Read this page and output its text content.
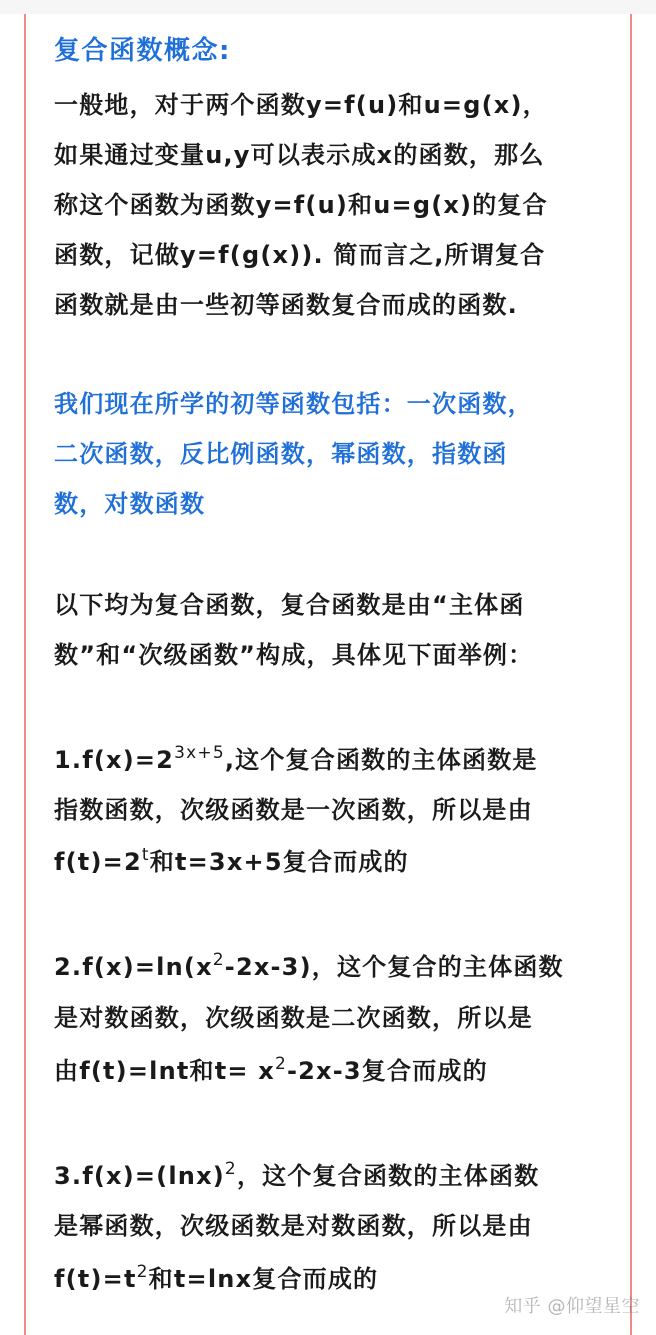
复合函数概念:
一般地，对于两个函数y=f(u)和u=g(x)，
如果通过变量u,y可以表示成x的函数，那么
称这个函数为函数y=f(u)和u=g(x)的复合
函数，记做y=f(g(x)). 简而言之,所谓复合
函数就是由一些初等函数复合而成的函数.
我们现在所学的初等函数包括：一次函数，
二次函数，反比例函数，幂函数，指数函
数，对数函数
以下均为复合函数，复合函数是由“主体函
数”和“次级函数”构成，具体见下面举例：
$1.f(x)=2^{3x+5}$,这个复合函数的主体函数是
指数函数，次级函数是一次函数，所以是由
$f(t)=2^t$和t=3x+5复合而成的
$2.f(x)=\ln(x^2-2x-3)$，这个复合的主体函数
是对数函数，次级函数是二次函数，所以是
由f(t)=lnt和$t= x^2-2x-3$复合而成的
$3.f(x)=(\ln x)^2$，这个复合函数的主体函数
是幂函数，次级函数是对数函数，所以是由
$f(t)=t^2$和t=lnx复合而成的
知乎 @仰望星空
